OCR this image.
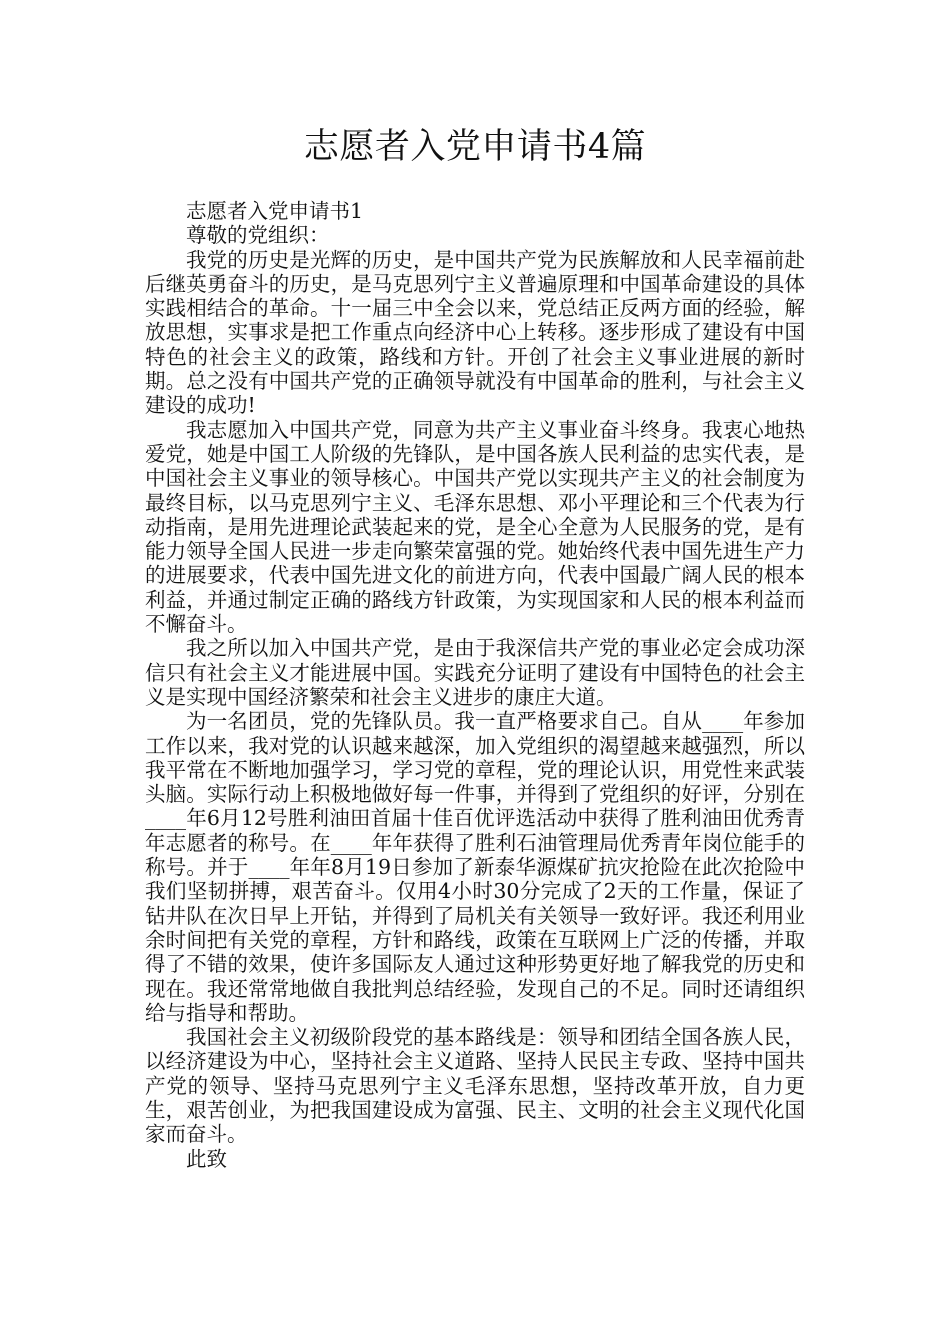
志愿者入党申请书4篇

志愿者入党申请书1

尊敬的党组织：

我党的历史是光辉的历史，是中国共产党为民族解放和人民幸福前赴后继英勇奋斗的历史，是马克思列宁主义普遍原理和中国革命建设的具体实践相结合的革命。十一届三中全会以来，党总结正反两方面的经验，解放思想，实事求是把工作重点向经济中心上转移。逐步形成了建设有中国特色的社会主义的政策，路线和方针。开创了社会主义事业进展的新时期。总之没有中国共产党的正确领导就没有中国革命的胜利，与社会主义建设的成功!

我志愿加入中国共产党，同意为共产主义事业奋斗终身。我衷心地热爱党，她是中国工人阶级的先锋队，是中国各族人民利益的忠实代表，是中国社会主义事业的领导核心。中国共产党以实现共产主义的社会制度为最终目标，以马克思列宁主义、毛泽东思想、邓小平理论和三个代表为行动指南，是用先进理论武装起来的党，是全心全意为人民服务的党，是有能力领导全国人民进一步走向繁荣富强的党。她始终代表中国先进生产力的进展要求，代表中国先进文化的前进方向，代表中国最广阔人民的根本利益，并通过制定正确的路线方针政策，为实现国家和人民的根本利益而不懈奋斗。

我之所以加入中国共产党，是由于我深信共产党的事业必定会成功深信只有社会主义才能进展中国。实践充分证明了建设有中国特色的社会主义是实现中国经济繁荣和社会主义进步的康庄大道。

为一名团员，党的先锋队员。我一直严格要求自己。自从____年参加工作以来，我对党的认识越来越深，加入党组织的渴望越来越强烈，所以我平常在不断地加强学习，学习党的章程，党的理论认识，用党性来武装头脑。实际行动上积极地做好每一件事，并得到了党组织的好评，分别在____年6月12号胜利油田首届十佳百优评选活动中获得了胜利油田优秀青年志愿者的称号。在____年年获得了胜利石油管理局优秀青年岗位能手的称号。并于____年年8月19日参加了新泰华源煤矿抗灾抢险在此次抢险中我们坚韧拼搏，艰苦奋斗。仅用4小时30分完成了2天的工作量，保证了钻井队在次日早上开钻，并得到了局机关有关领导一致好评。我还利用业余时间把有关党的章程，方针和路线，政策在互联网上广泛的传播，并取得了不错的效果，使许多国际友人通过这种形势更好地了解我党的历史和现在。我还常常地做自我批判总结经验，发现自己的不足。同时还请组织给与指导和帮助。

我国社会主义初级阶段党的基本路线是：领导和团结全国各族人民，以经济建设为中心，坚持社会主义道路、坚持人民民主专政、坚持中国共产党的领导、坚持马克思列宁主义毛泽东思想，坚持改革开放，自力更生，艰苦创业，为把我国建设成为富强、民主、文明的社会主义现代化国家而奋斗。

此致
